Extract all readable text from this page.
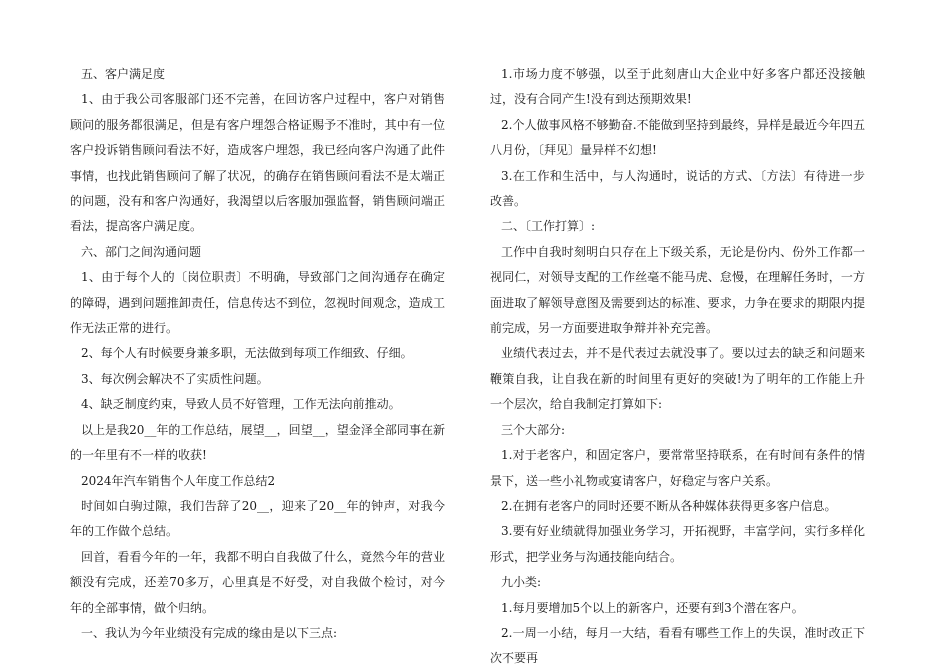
五、客户满足度

1、由于我公司客服部门还不完善，在回访客户过程中，客户对销售顾问的服务都很满足，但是有客户埋怨合格证赐予不准时，其中有一位客户投诉销售顾问看法不好，造成客户埋怨，我已经向客户沟通了此件事情，也找此销售顾问了解了状况，的确存在销售顾问看法不是太端正的问题，没有和客户沟通好，我渴望以后客服加强监督，销售顾问端正看法，提高客户满足度。

六、部门之间沟通问题

1、由于每个人的〔岗位职责〕不明确，导致部门之间沟通存在确定的障碍，遇到问题推卸责任，信息传达不到位，忽视时间观念，造成工作无法正常的进行。

2、每个人有时候要身兼多职，无法做到每项工作细致、仔细。

3、每次例会解决不了实质性问题。

4、缺乏制度约束，导致人员不好管理，工作无法向前推动。

以上是我20__年的工作总结，展望__，回望__，望金泽全部同事在新的一年里有不一样的收获!

2024年汽车销售个人年度工作总结2

时间如白驹过隙，我们告辞了20__，迎来了20__年的钟声，对我今年的工作做个总结。

回首，看看今年的一年，我都不明白自我做了什么，竟然今年的营业额没有完成，还差70多万，心里真是不好受，对自我做个检讨，对今年的全部事情，做个归纳。

一、我认为今年业绩没有完成的缘由是以下三点:

1.市场力度不够强，以至于此刻唐山大企业中好多客户都还没接触过，没有合同产生!没有到达预期效果!

2.个人做事风格不够勤奋.不能做到坚持到最终，异样是最近今年四五八月份，〔拜见〕量异样不幻想!

3.在工作和生活中，与人沟通时，说话的方式、〔方法〕有待进一步改善。

二、〔工作打算〕:

工作中自我时刻明白只存在上下级关系，无论是份内、份外工作都一视同仁，对领导支配的工作丝毫不能马虎、怠慢，在理解任务时，一方面进取了解领导意图及需要到达的标准、要求，力争在要求的期限内提前完成，另一方面要进取争辩并补充完善。

业绩代表过去，并不是代表过去就没事了。要以过去的缺乏和问题来鞭策自我，让自我在新的时间里有更好的突破!为了明年的工作能上升一个层次，给自我制定打算如下:

三个大部分:

1.对于老客户，和固定客户，要常常坚持联系，在有时间有条件的情景下，送一些小礼物或宴请客户，好稳定与客户关系。

2.在拥有老客户的同时还要不断从各种媒体获得更多客户信息。

3.要有好业绩就得加强业务学习，开拓视野，丰富学问，实行多样化形式，把学业务与沟通技能向结合。

九小类:

1.每月要增加5个以上的新客户，还要有到3个潜在客户。

2.一周一小结，每月一大结，看看有哪些工作上的失误，准时改正下次不要再
